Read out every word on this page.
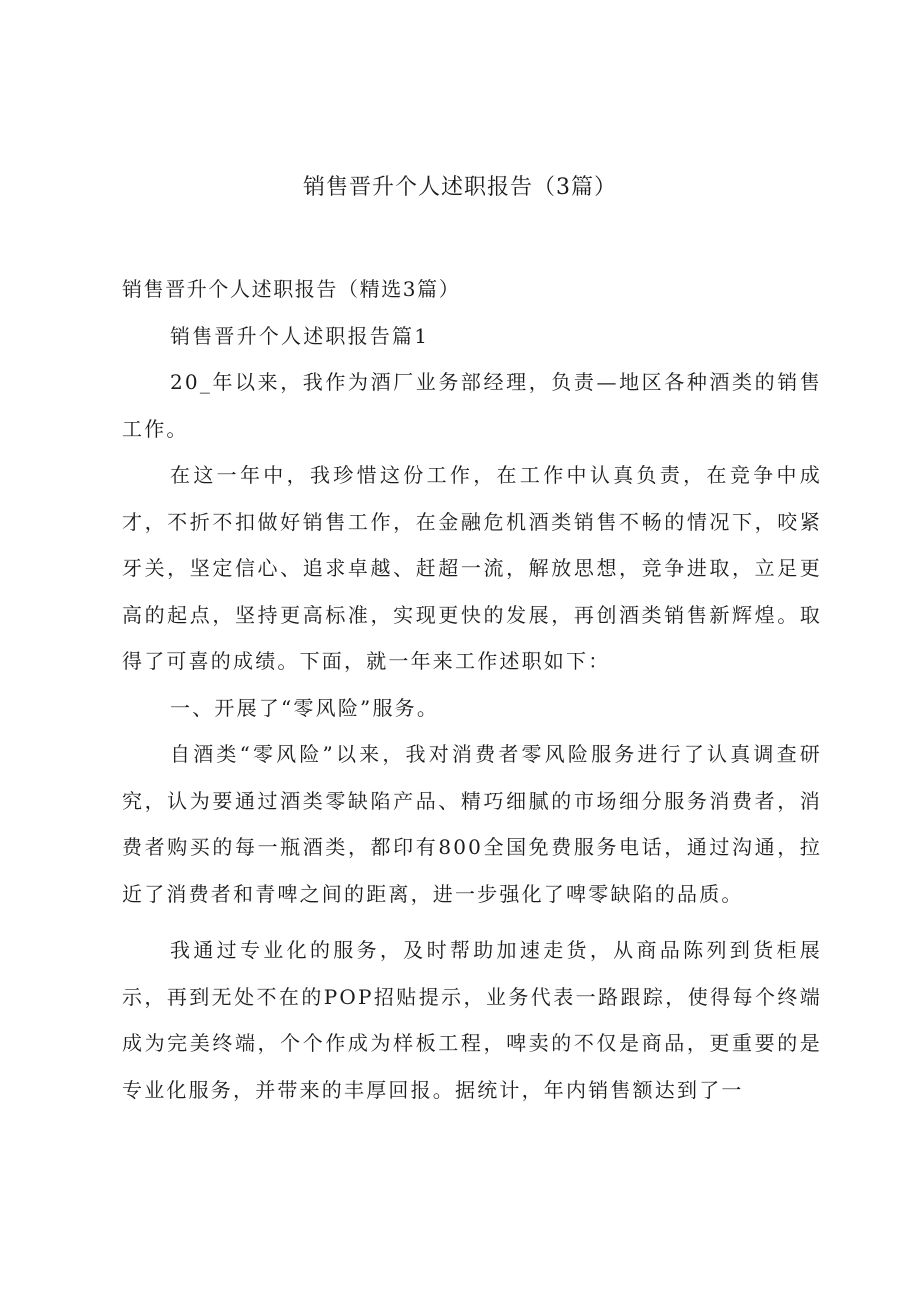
销售晋升个人述职报告（3篇）

销售晋升个人述职报告（精选3篇）

销售晋升个人述职报告篇1

20_年以来，我作为酒厂业务部经理，负责—地区各种酒类的销售工作。

在这一年中，我珍惜这份工作，在工作中认真负责，在竞争中成才，不折不扣做好销售工作，在金融危机酒类销售不畅的情况下，咬紧牙关，坚定信心、追求卓越、赶超一流，解放思想，竞争进取，立足更高的起点，坚持更高标准，实现更快的发展，再创酒类销售新辉煌。取得了可喜的成绩。下面，就一年来工作述职如下：

一、开展了“零风险”服务。

自酒类“零风险”以来，我对消费者零风险服务进行了认真调查研究，认为要通过酒类零缺陷产品、精巧细腻的市场细分服务消费者，消费者购买的每一瓶酒类，都印有800全国免费服务电话，通过沟通，拉近了消费者和青啤之间的距离，进一步强化了啤零缺陷的品质。

我通过专业化的服务，及时帮助加速走货，从商品陈列到货柜展示，再到无处不在的POP招贴提示，业务代表一路跟踪，使得每个终端成为完美终端，个个作成为样板工程，啤卖的不仅是商品，更重要的是专业化服务，并带来的丰厚回报。据统计，年内销售额达到了一
